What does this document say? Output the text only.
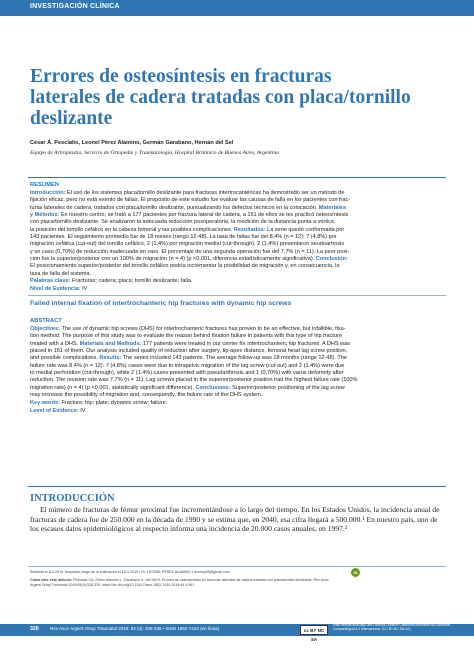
INVESTIGACIÓN CLÍNICA
Errores de osteosíntesis en fracturas
laterales de cadera tratadas con placa/tornillo
deslizante
César Á. Pescialio, Leonel Pérez Alamino, Germán Garabano, Hernán del Sel
Equipo de Artroplastia, Servicio de Ortopedia y Traumatología, Hospital Británico de Buenos Aires, Argentina
RESUMEN
Introducción: El uso de los sistemas placa/tornillo deslizante para fracturas intertrocantéricas ha demostrado ser un método de
fijación eficaz, pero no está exento de fallas. El propósito de este estudio fue evaluar las causas de falla en los pacientes con frac-
turas laterales de cadera, tratados con placa/tornillo deslizante, puntualizando los defectos técnicos en la colocación. Materiales
y Métodos: En nuestro centro, se trató a 177 pacientes por fractura lateral de cadera, a 151 de ellos se les practicó osteosíntesis
con placa/tornillo deslizante. Se analizaron la adecuada reducción posoperatoria, la medición de la distancia punta a vértice,
la posición del tornillo cefálico en la cabeza femoral y las posibles complicaciones. Resultados: La serie quedó conformada por
143 pacientes. El seguimiento promedio fue de 18 meses (rango 12-48). La tasa de fallas fue del 8,4% (n = 12): 7 (4,8%) por
migración cefálica (cut-out) del tornillo cefálico, 2 (1,4%) por migración medial (cut-through), 2 (1,4%) presentaron seudoartrosis
y un caso (0,70%) de reducción inadecuada en varo. El porcentaje de una segunda operación fue del 7,7% (n = 11). La peor posi-
ción fue la superior/posterior con un 100% de migración (n = 4) (p <0,001, diferencia estadísticamente significativa). Conclusión:
El posicionamiento superior/posterior del tornillo cefálico podría incrementar la posibilidad de migración y, en consecuencia, la
tasa de falla del sistema.
Palabras clave: Fracturas; cadera; placa; tornillo deslizante; falla.
Nivel de Evidencia: IV
Failed internal fixation of intertrochanteric hip fractures with dynamic hip screws
ABSTRACT
Objectives: The use of dynamic hip screws (DHS) for intertrochanteric fractures has proven to be an effective, but infallible, fixa-
tion method. The purpose of this study was to evaluate the reason behind fixation failure in patients with this type of hip fracture
treated with a DHS. Materials and Methods: 177 patients were treated in our center for intertrochanteric hip fractures. A DHS was
placed in 151 of them. Our analysis included quality of reduction after surgery, tip-apex distance, femoral head lag screw position,
and possible complications. Results: The series included 143 patients. The average follow-up was 18 months (range 12-48). The
failure rate was 8.4% (n = 12): 7 (4.8%) cases were due to intrapelvic migration of the lag screw (cut-out) and 2 (1.4%) were due
to medial perforation (cut-through), while 2 (1.4%) cases presented with pseudarthrosis and 1 (0.70%) with varus deformity after
reduction. The revision rate was 7.7% (n = 11). Lag screws placed in the superior/posterior position had the highest failure rate (100%
migration rate) (n = 4) (p <0.001, statistically significant difference). Conclusions: Superior/posterior positioning of the lag screw
may increase the possibility of migration and, consequently, the failure rate of the DHS system.
Key words: Fracture; hip; plate; dynamic screw; failure.
Level of Evidence: IV
INTRODUCCIÓN

El número de fracturas de fémur proximal fue incrementándose a lo largo del tiempo. En los Estados Unidos, la incidencia anual de fracturas de cadera fue de 250.000 en la década de 1990 y se estima que, en 2040, esa cifra llegará a 500.000.¹ En nuestro país, uno de los escasos datos epidemiológicos al respecto informa una incidencia de 20.000 casos anuales, en 1997.²

Recibido el 6-2-2019. Aceptado luego de la evaluación el 18-4-2019 • Dr. LEONEL PÉREZ ALAMINO • leonelp95@gmail.com	iD
Cómo citar este artículo: Pescialio CA, Pérez Alamino L, Garabano G, del Sel H. Errores de osteosíntesis en fracturas laterales de cadera tratadas con placa/tornillo deslizante. Rev Asoc
Argent Ortop Traumatol 2019;84(4):328-335. https://dx.doi.org/10.15417/issn.1852-7434.2019.84.4.961
328	Rev Asoc Argent Ortop Traumatol 2019; 84 (4): 328-335 • ISSN 1852-7434 (en línea)	cc BY NC SA
Este Revista está bajo una Licencia Creative Commons Atribución-NoComercial-CompartirIgual 4.0 Internacional. (CC-BY-NC-SA 4.0)
